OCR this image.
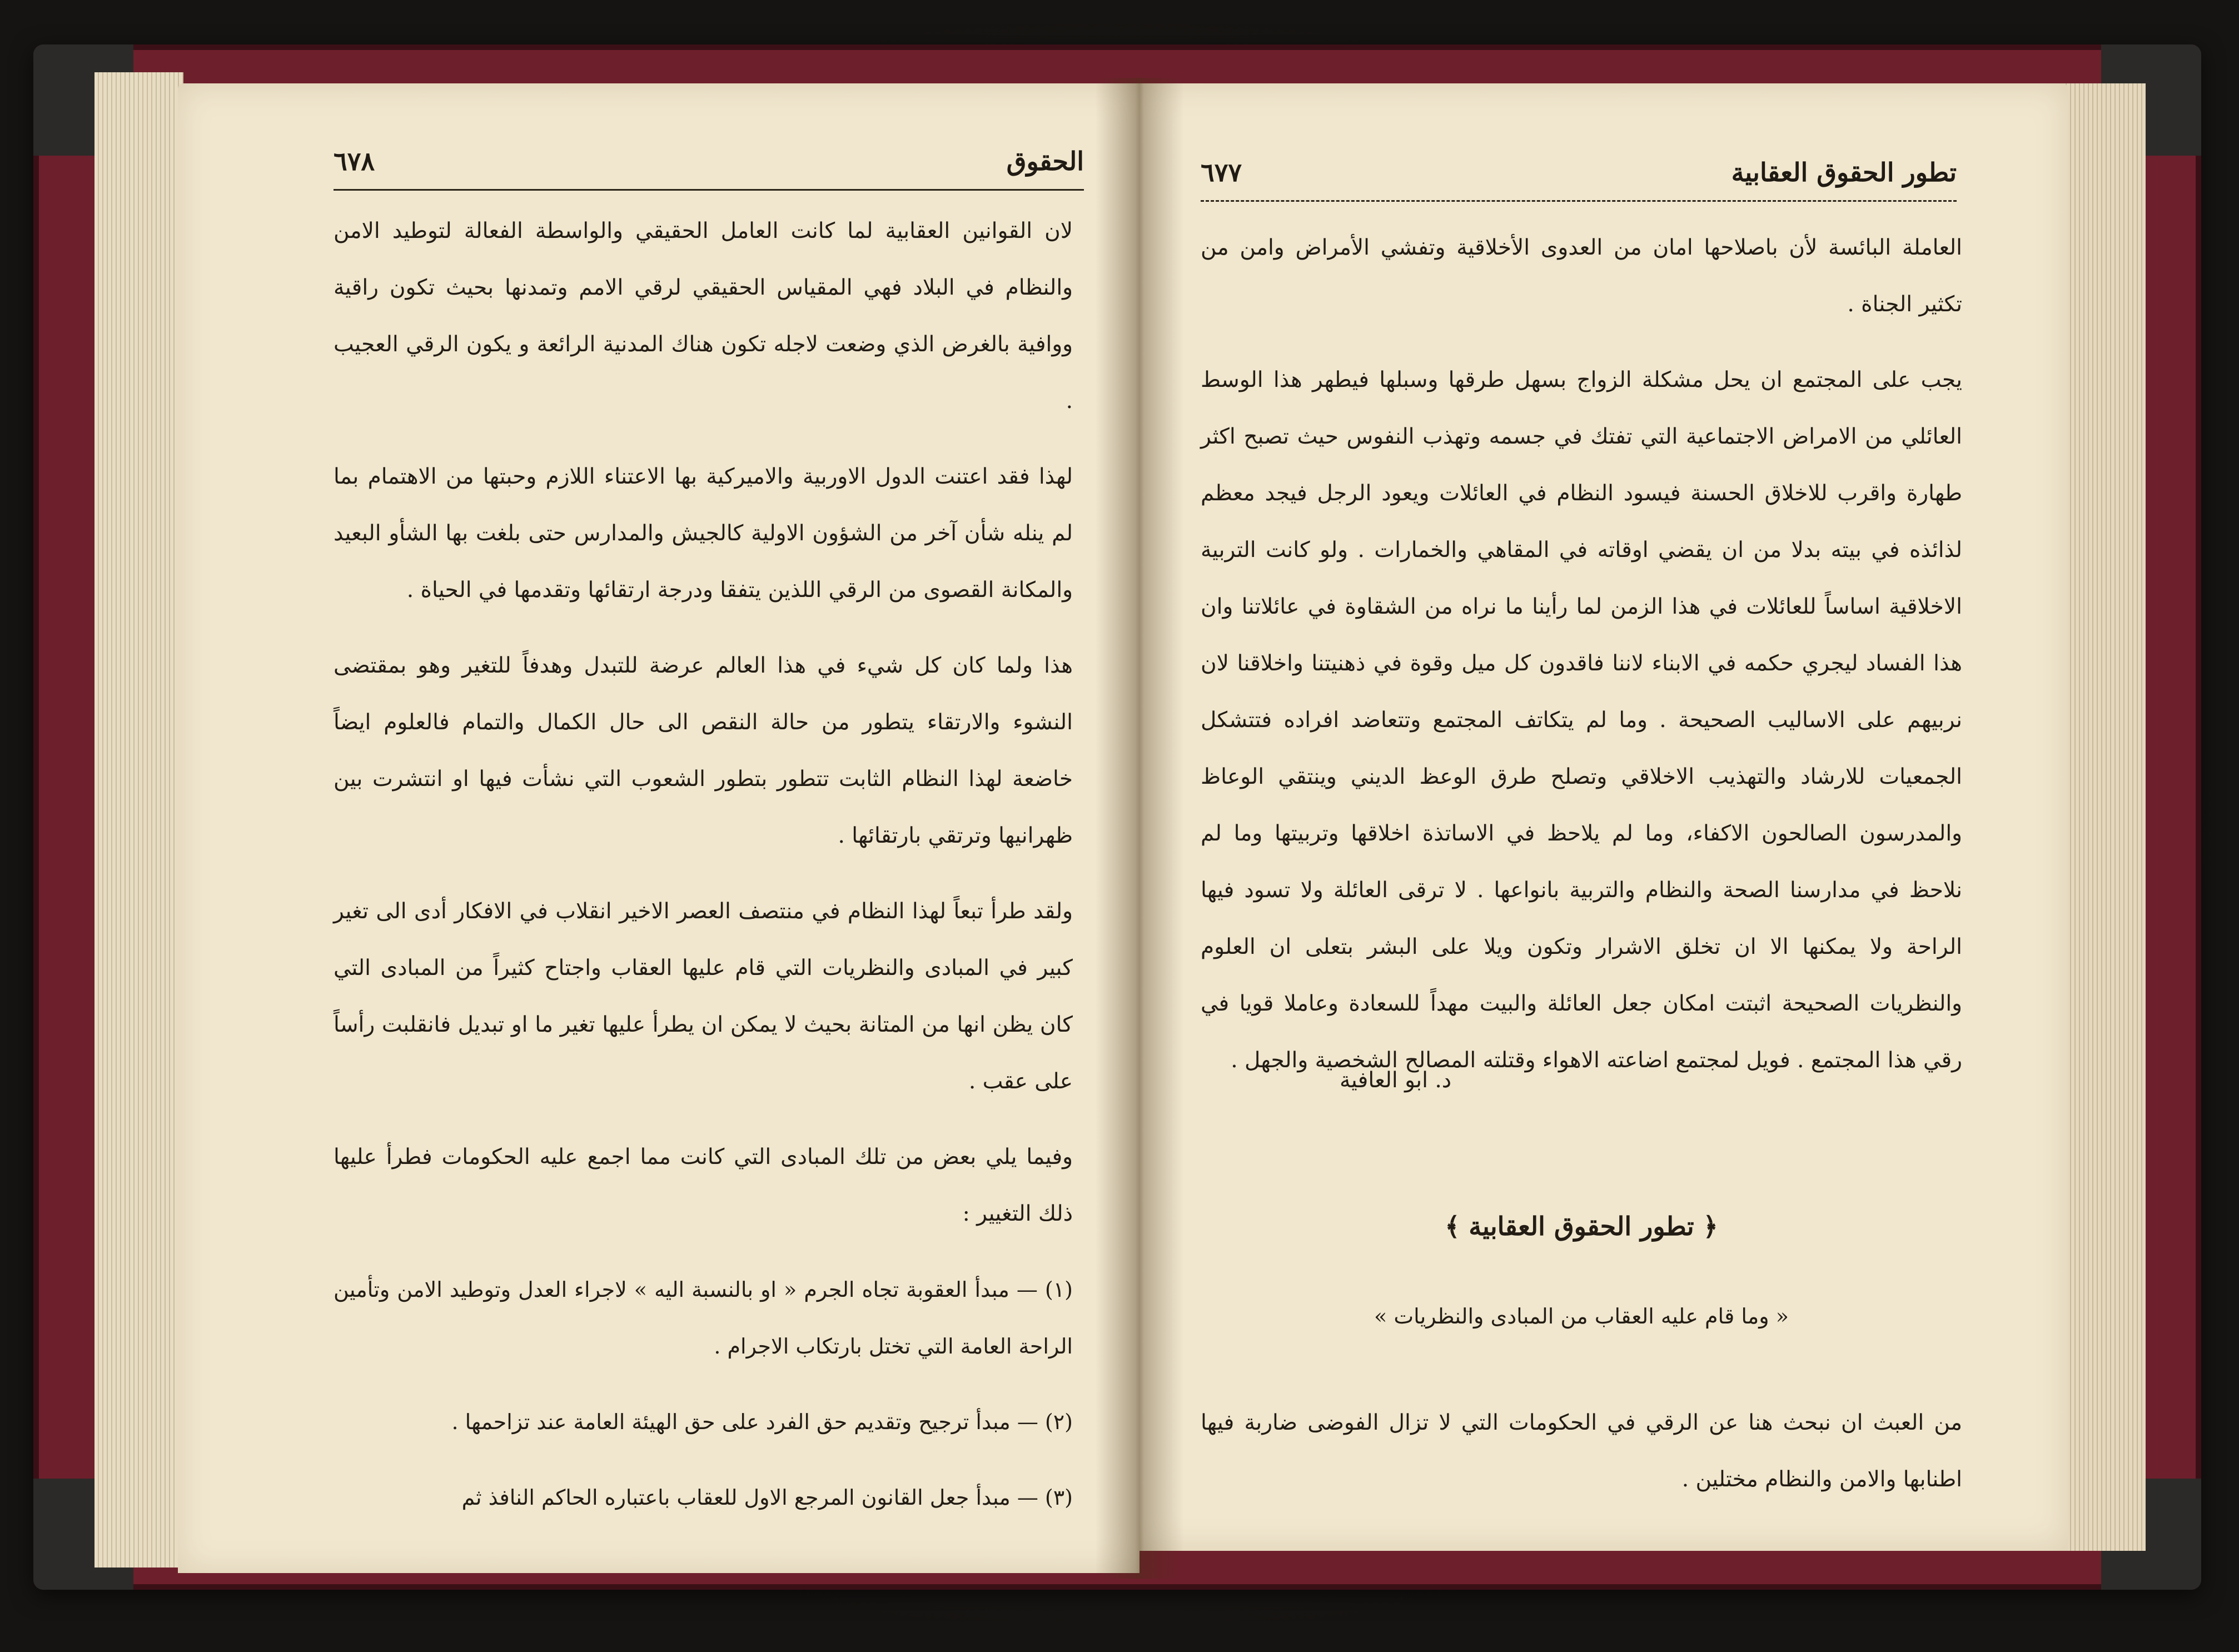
٦٧٨	الحقوق

لان القوانين العقابية لما كانت العامل الحقيقي والواسطة الفعالة لتوطيد الامن والنظام في البلاد فهي المقياس الحقيقي لرقي الامم وتمدنها بحيث تكون راقية ووافية بالغرض الذي وضعت لاجله تكون هناك المدنية الرائعة و يكون الرقي العجيب .

لهذا فقد اعتنت الدول الاوربية والاميركية بها الاعتناء اللازم وحبتها من الاهتمام بما لم ينله شأن آخر من الشؤون الاولية كالجيش والمدارس حتى بلغت بها الشأو البعيد والمكانة القصوى من الرقي اللذين يتفقا ودرجة ارتقائها وتقدمها في الحياة .

هذا ولما كان كل شيء في هذا العالم عرضة للتبدل وهدفاً للتغير وهو بمقتضى النشوء والارتقاء يتطور من حالة النقص الى حال الكمال والتمام فالعلوم ايضاً خاضعة لهذا النظام الثابت تتطور بتطور الشعوب التي نشأت فيها او انتشرت بين ظهرانيها وترتقي بارتقائها .

ولقد طرأ تبعاً لهذا النظام في منتصف العصر الاخير انقلاب في الافكار أدى الى تغير كبير في المبادى والنظريات التي قام عليها العقاب واجتاح كثيراً من المبادى التي كان يظن انها من المتانة بحيث لا يمكن ان يطرأ عليها تغير ما او تبديل فانقلبت رأساً على عقب .

وفيما يلي بعض من تلك المبادى التي كانت مما اجمع عليه الحكومات فطرأ عليها ذلك التغيير :

(١) — مبدأ العقوبة تجاه الجرم « او بالنسبة اليه » لاجراء العدل وتوطيد الامن وتأمين الراحة العامة التي تختل بارتكاب الاجرام .

(٢) — مبدأ ترجيح وتقديم حق الفرد على حق الهيئة العامة عند تزاحمها .

(٣) — مبدأ جعل القانون المرجع الاول للعقاب باعتباره الحاكم النافذ ثم

٦٧٧	تطور الحقوق العقابية

العاملة البائسة لأن باصلاحها امان من العدوى الأخلاقية وتفشي الأمراض وامن من تكثير الجناة .

يجب على المجتمع ان يحل مشكلة الزواج بسهل طرقها وسبلها فيطهر هذا الوسط العائلي من الامراض الاجتماعية التي تفتك في جسمه وتهذب النفوس حيث تصبح اكثر طهارة واقرب للاخلاق الحسنة فيسود النظام في العائلات ويعود الرجل فيجد معظم لذائذه في بيته بدلا من ان يقضي اوقاته في المقاهي والخمارات . ولو كانت التربية الاخلاقية اساساً للعائلات في هذا الزمن لما رأينا ما نراه من الشقاوة في عائلاتنا وان هذا الفساد ليجري حكمه في الابناء لاننا فاقدون كل ميل وقوة في ذهنيتنا واخلاقنا لان نربيهم على الاساليب الصحيحة . وما لم يتكاتف المجتمع وتتعاضد افراده فتتشكل الجمعيات للارشاد والتهذيب الاخلاقي وتصلح طرق الوعظ الديني وينتقي الوعاظ والمدرسون الصالحون الاكفاء، وما لم يلاحظ في الاساتذة اخلاقها وتربيتها وما لم نلاحظ في مدارسنا الصحة والنظام والتربية بانواعها . لا ترقى العائلة ولا تسود فيها الراحة ولا يمكنها الا ان تخلق الاشرار وتكون ويلا على البشر بتعلى ان العلوم والنظريات الصحيحة اثبتت امكان جعل العائلة والبيت مهداً للسعادة وعاملا قويا في رقي هذا المجتمع . فويل لمجتمع اضاعته الاهواء وقتلته المصالح الشخصية والجهل .

د. ابو العافية

﴿ تطور الحقوق العقابية ﴾
« وما قام عليه العقاب من المبادى والنظريات »

من العبث ان نبحث هنا عن الرقي في الحكومات التي لا تزال الفوضى ضاربة فيها اطنابها والامن والنظام مختلين .
